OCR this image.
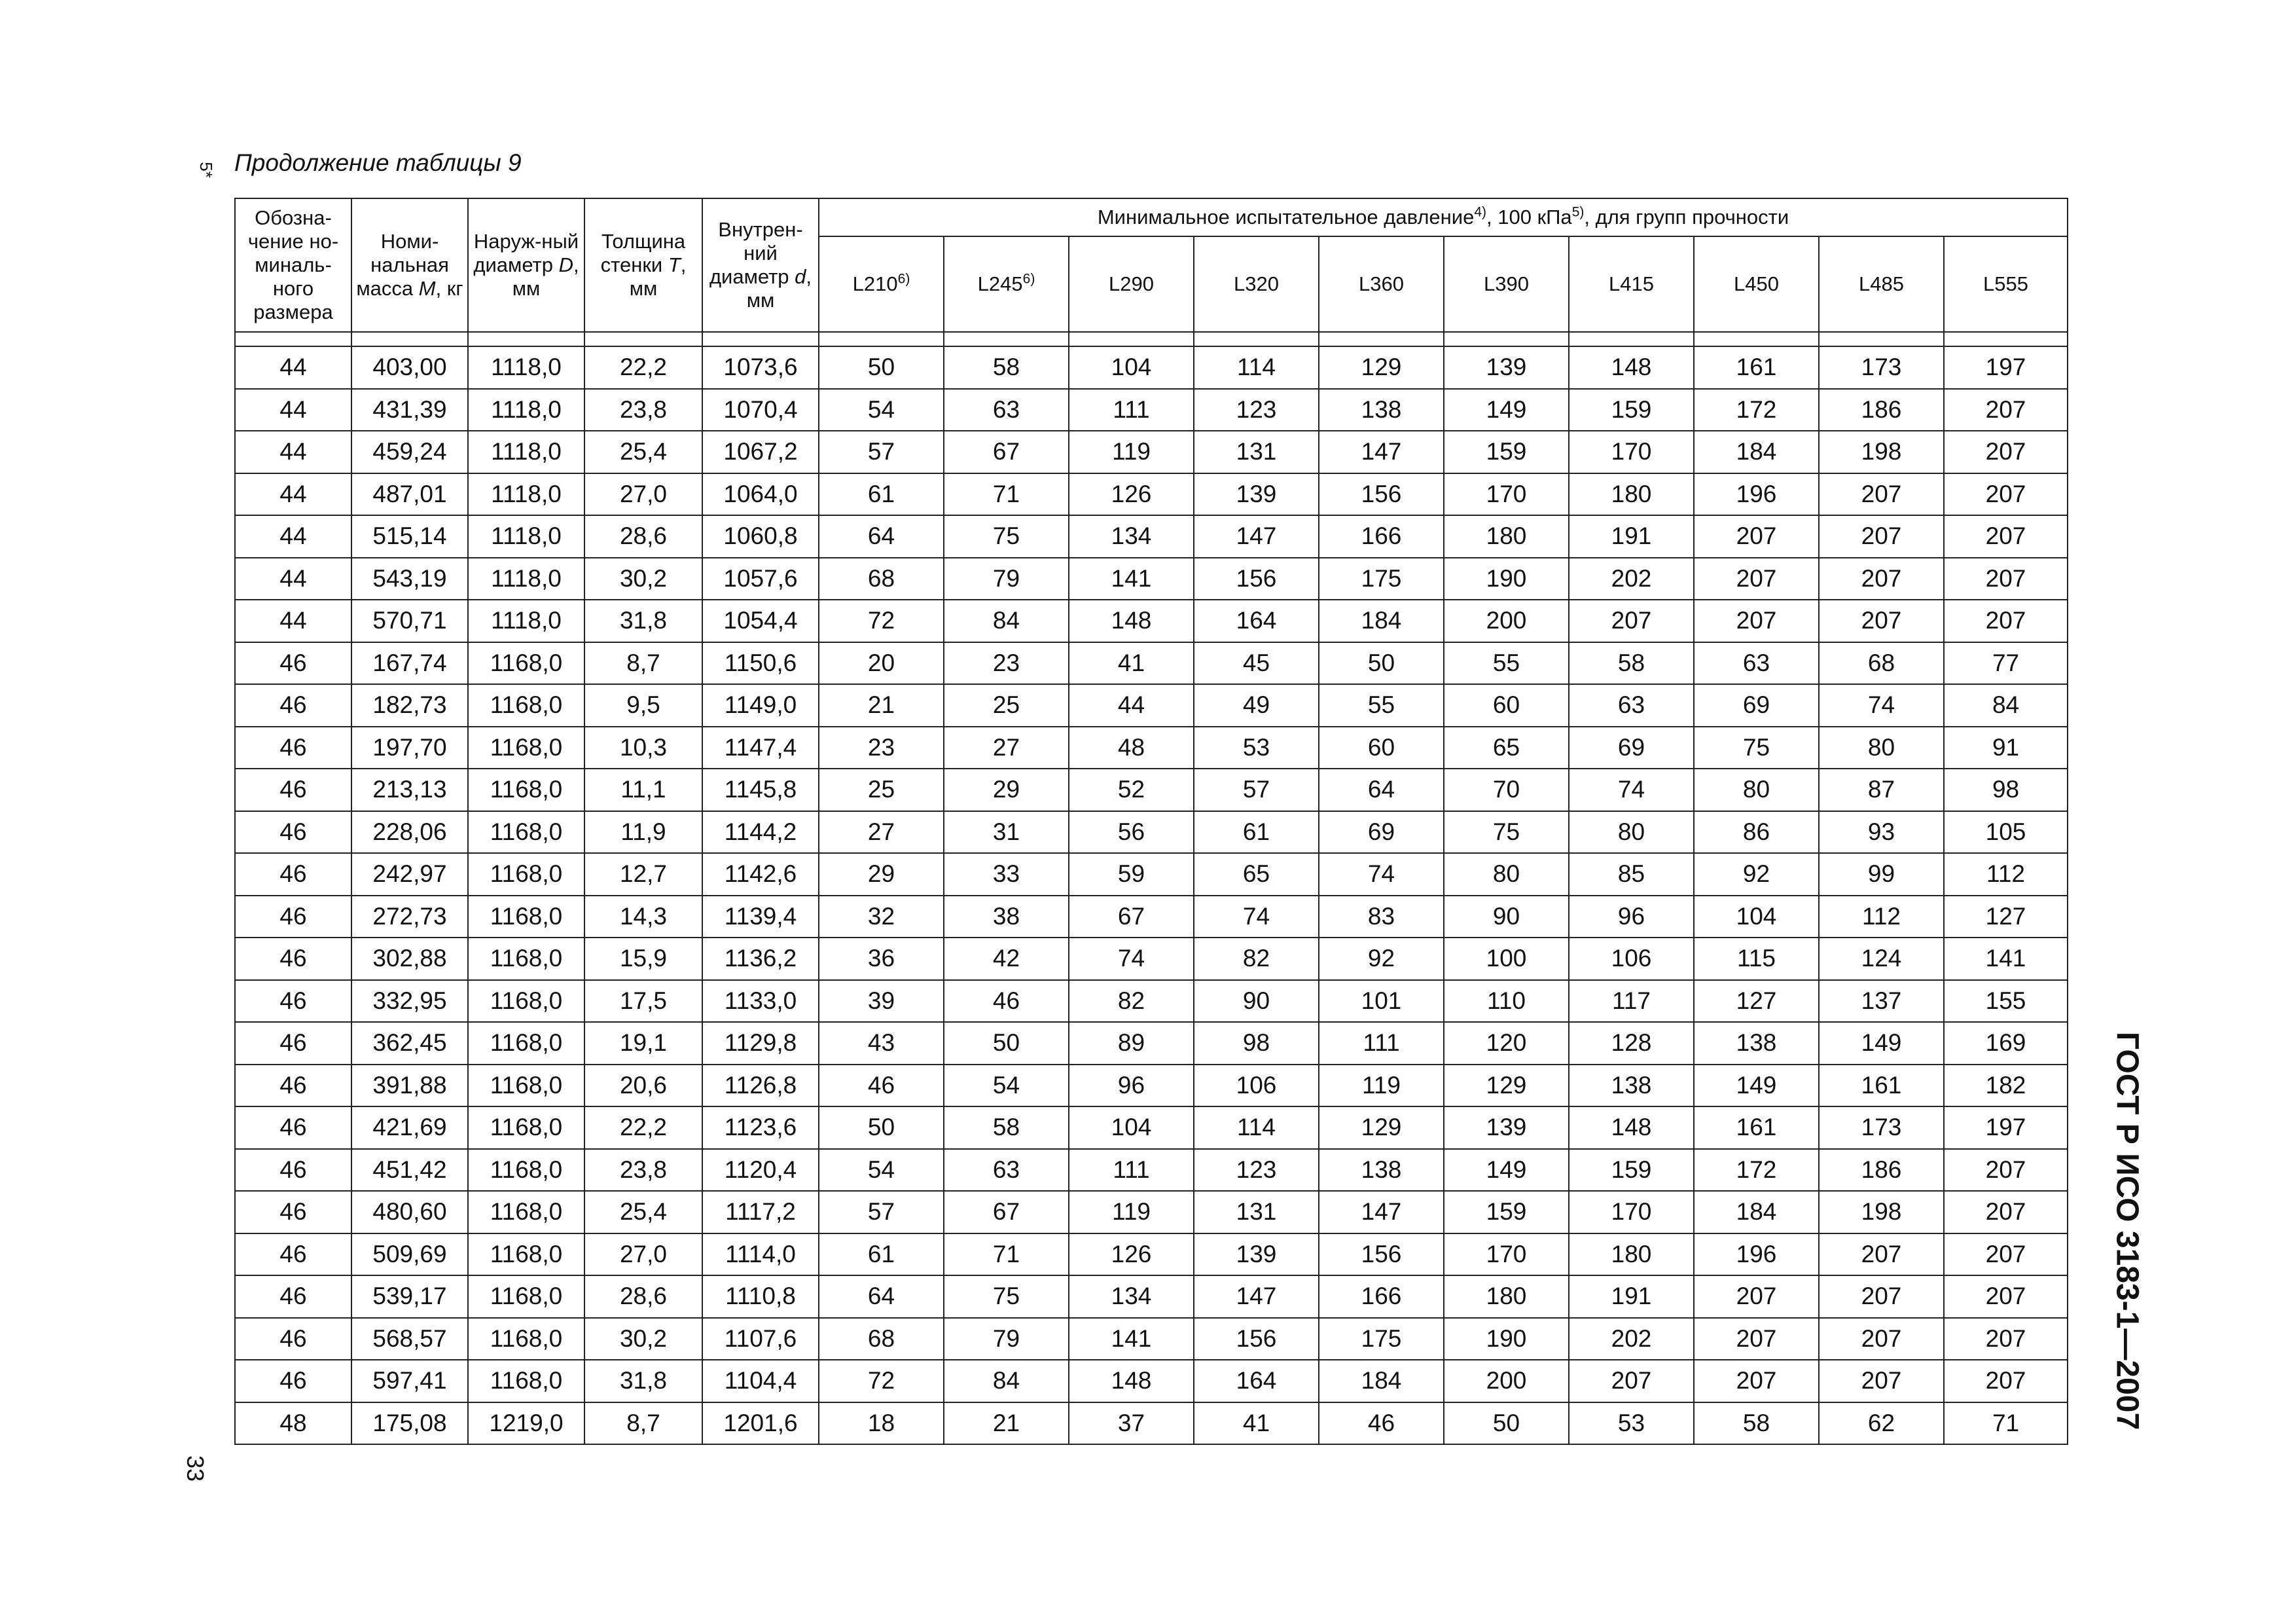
Продолжение таблицы 9
5*
33
ГОСТ Р ИСО 3183-1—2007
Обозна-чение но-миналь-ного размера	Номи-нальная масса M, кг	Наруж-ный диаметр D, мм	Толщина стенки T, мм	Внутрен-ний диаметр d, мм	Минимальное испытательное давление$^{4)}$, 100 кПа$^{5)}$, для групп прочности									
					L210$^{6)}$	L245$^{6)}$	L290	L320	L360	L390	L415	L450	L485	L555

44	403,00	1118,0	22,2	1073,6	50	58	104	114	129	139	148	161	173	197
44	431,39	1118,0	23,8	1070,4	54	63	111	123	138	149	159	172	186	207
44	459,24	1118,0	25,4	1067,2	57	67	119	131	147	159	170	184	198	207
44	487,01	1118,0	27,0	1064,0	61	71	126	139	156	170	180	196	207	207
44	515,14	1118,0	28,6	1060,8	64	75	134	147	166	180	191	207	207	207
44	543,19	1118,0	30,2	1057,6	68	79	141	156	175	190	202	207	207	207
44	570,71	1118,0	31,8	1054,4	72	84	148	164	184	200	207	207	207	207
46	167,74	1168,0	8,7	1150,6	20	23	41	45	50	55	58	63	68	77
46	182,73	1168,0	9,5	1149,0	21	25	44	49	55	60	63	69	74	84
46	197,70	1168,0	10,3	1147,4	23	27	48	53	60	65	69	75	80	91
46	213,13	1168,0	11,1	1145,8	25	29	52	57	64	70	74	80	87	98
46	228,06	1168,0	11,9	1144,2	27	31	56	61	69	75	80	86	93	105
46	242,97	1168,0	12,7	1142,6	29	33	59	65	74	80	85	92	99	112
46	272,73	1168,0	14,3	1139,4	32	38	67	74	83	90	96	104	112	127
46	302,88	1168,0	15,9	1136,2	36	42	74	82	92	100	106	115	124	141
46	332,95	1168,0	17,5	1133,0	39	46	82	90	101	110	117	127	137	155
46	362,45	1168,0	19,1	1129,8	43	50	89	98	111	120	128	138	149	169
46	391,88	1168,0	20,6	1126,8	46	54	96	106	119	129	138	149	161	182
46	421,69	1168,0	22,2	1123,6	50	58	104	114	129	139	148	161	173	197
46	451,42	1168,0	23,8	1120,4	54	63	111	123	138	149	159	172	186	207
46	480,60	1168,0	25,4	1117,2	57	67	119	131	147	159	170	184	198	207
46	509,69	1168,0	27,0	1114,0	61	71	126	139	156	170	180	196	207	207
46	539,17	1168,0	28,6	1110,8	64	75	134	147	166	180	191	207	207	207
46	568,57	1168,0	30,2	1107,6	68	79	141	156	175	190	202	207	207	207
46	597,41	1168,0	31,8	1104,4	72	84	148	164	184	200	207	207	207	207
48	175,08	1219,0	8,7	1201,6	18	21	37	41	46	50	53	58	62	71
